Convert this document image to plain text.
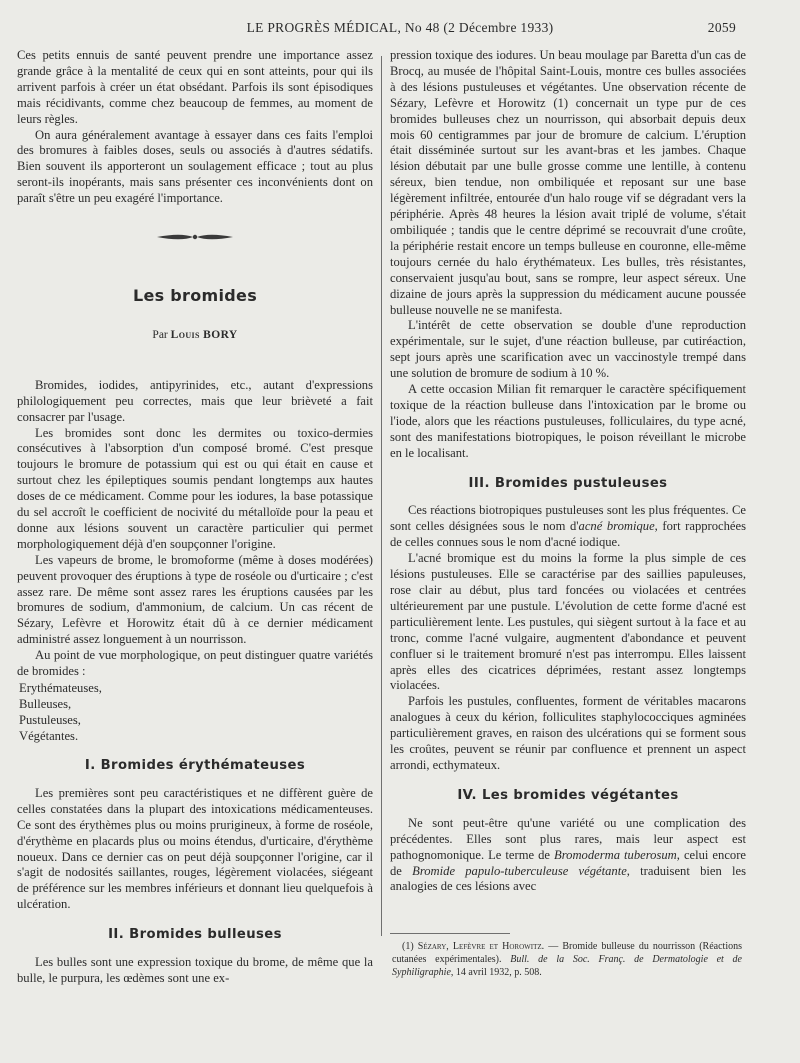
LE PROGRÈS MÉDICAL, No 48 (2 Décembre 1933)	2059

Ces petits ennuis de santé peuvent prendre une importance assez grande grâce à la mentalité de ceux qui en sont atteints, pour qui ils arrivent parfois à créer un état obsédant. Parfois ils sont épisodiques mais récidivants, comme chez beaucoup de femmes, au moment de leurs règles.

On aura généralement avantage à essayer dans ces faits l'emploi des bromures à faibles doses, seuls ou associés à d'autres sédatifs. Bien souvent ils apporteront un soulagement efficace ; tout au plus seront-ils inopérants, mais sans présenter ces inconvénients dont on paraît s'être un peu exagéré l'importance.

Les bromides
Par Louis BORY

Bromides, iodides, antipyrinides, etc., autant d'expressions philologiquement peu correctes, mais que leur brièveté a fait consacrer par l'usage.

Les bromides sont donc les dermites ou toxico-dermies consécutives à l'absorption d'un composé bromé. C'est presque toujours le bromure de potassium qui est ou qui était en cause et surtout chez les épileptiques soumis pendant longtemps aux hautes doses de ce médicament. Comme pour les iodures, la base potassique du sel accroît le coefficient de nocivité du métalloïde pour la peau et donne aux lésions souvent un caractère particulier qui permet morphologiquement déjà d'en soupçonner l'origine.

Les vapeurs de brome, le bromoforme (même à doses modérées) peuvent provoquer des éruptions à type de roséole ou d'urticaire ; c'est assez rare. De même sont assez rares les éruptions causées par les bromures de sodium, d'ammonium, de calcium. Un cas récent de Sézary, Lefèvre et Horowitz était dû à ce dernier médicament administré assez longuement à un nourrisson.

Au point de vue morphologique, on peut distinguer quatre variétés de bromides :

Erythémateuses,
Bulleuses,
Pustuleuses,
Végétantes.
I. Bromides érythémateuses

Les premières sont peu caractéristiques et ne diffèrent guère de celles constatées dans la plupart des intoxications médicamenteuses. Ce sont des érythèmes plus ou moins prurigineux, à forme de roséole, d'érythème en placards plus ou moins étendus, d'urticaire, d'érythème noueux. Dans ce dernier cas on peut déjà soupçonner l'origine, car il s'agit de nodosités saillantes, rouges, légèrement violacées, siégeant de préférence sur les membres inférieurs et donnant lieu quelquefois à ulcération.

II. Bromides bulleuses

Les bulles sont une expression toxique du brome, de même que la bulle, le purpura, les œdèmes sont une ex-

pression toxique des iodures. Un beau moulage par Baretta d'un cas de Brocq, au musée de l'hôpital Saint-Louis, montre ces bulles associées à des lésions pustuleuses et végétantes. Une observation récente de Sézary, Lefèvre et Horowitz (1) concernait un type pur de ces bromides bulleuses chez un nourrisson, qui absorbait depuis deux mois 60 centigrammes par jour de bromure de calcium. L'éruption était disséminée surtout sur les avant-bras et les jambes. Chaque lésion débutait par une bulle grosse comme une lentille, à contenu séreux, bien tendue, non ombiliquée et reposant sur une base légèrement infiltrée, entourée d'un halo rouge vif se dégradant vers la périphérie. Après 48 heures la lésion avait triplé de volume, s'était ombiliquée ; tandis que le centre déprimé se recouvrait d'une croûte, la périphérie restait encore un temps bulleuse en couronne, elle-même toujours cernée du halo érythémateux. Les bulles, très résistantes, conservaient jusqu'au bout, sans se rompre, leur aspect séreux. Une dizaine de jours après la suppression du médicament aucune poussée bulleuse nouvelle ne se manifesta.

L'intérêt de cette observation se double d'une reproduction expérimentale, sur le sujet, d'une réaction bulleuse, par cutiréaction, sept jours après une scarification avec un vaccinostyle trempé dans une solution de bromure de sodium à 10 %.

A cette occasion Milian fit remarquer le caractère spécifiquement toxique de la réaction bulleuse dans l'intoxication par le brome ou l'iode, alors que les réactions pustuleuses, folliculaires, du type acné, sont des manifestations biotropiques, le poison réveillant le microbe en le localisant.

III. Bromides pustuleuses

Ces réactions biotropiques pustuleuses sont les plus fréquentes. Ce sont celles désignées sous le nom d'acné bromique, fort rapprochées de celles connues sous le nom d'acné iodique.

L'acné bromique est du moins la forme la plus simple de ces lésions pustuleuses. Elle se caractérise par des saillies papuleuses, rose clair au début, plus tard foncées ou violacées et centrées ultérieurement par une pustule. L'évolution de cette forme d'acné est particulièrement lente. Les pustules, qui siègent surtout à la face et au tronc, comme l'acné vulgaire, augmentent d'abondance et peuvent confluer si le traitement bromuré n'est pas interrompu. Elles laissent après elles des cicatrices déprimées, restant assez longtemps violacées.

Parfois les pustules, confluentes, forment de véritables macarons analogues à ceux du kérion, folliculites staphylococciques agminées particulièrement graves, en raison des ulcérations qui se forment sous les croûtes, peuvent se réunir par confluence et prennent un aspect arrondi, ecthymateux.

IV. Les bromides végétantes

Ne sont peut-être qu'une variété ou une complication des précédentes. Elles sont plus rares, mais leur aspect est pathognomonique. Le terme de Bromoderma tuberosum, celui encore de Bromide papulo-tuberculeuse végétante, traduisent bien les analogies de ces lésions avec

(1) Sézary, Lefèvre et Horowitz. — Bromide bulleuse du nourrisson (Réactions cutanées expérimentales). Bull. de la Soc. Franç. de Dermatologie et de Syphiligraphie, 14 avril 1932, p. 508.
